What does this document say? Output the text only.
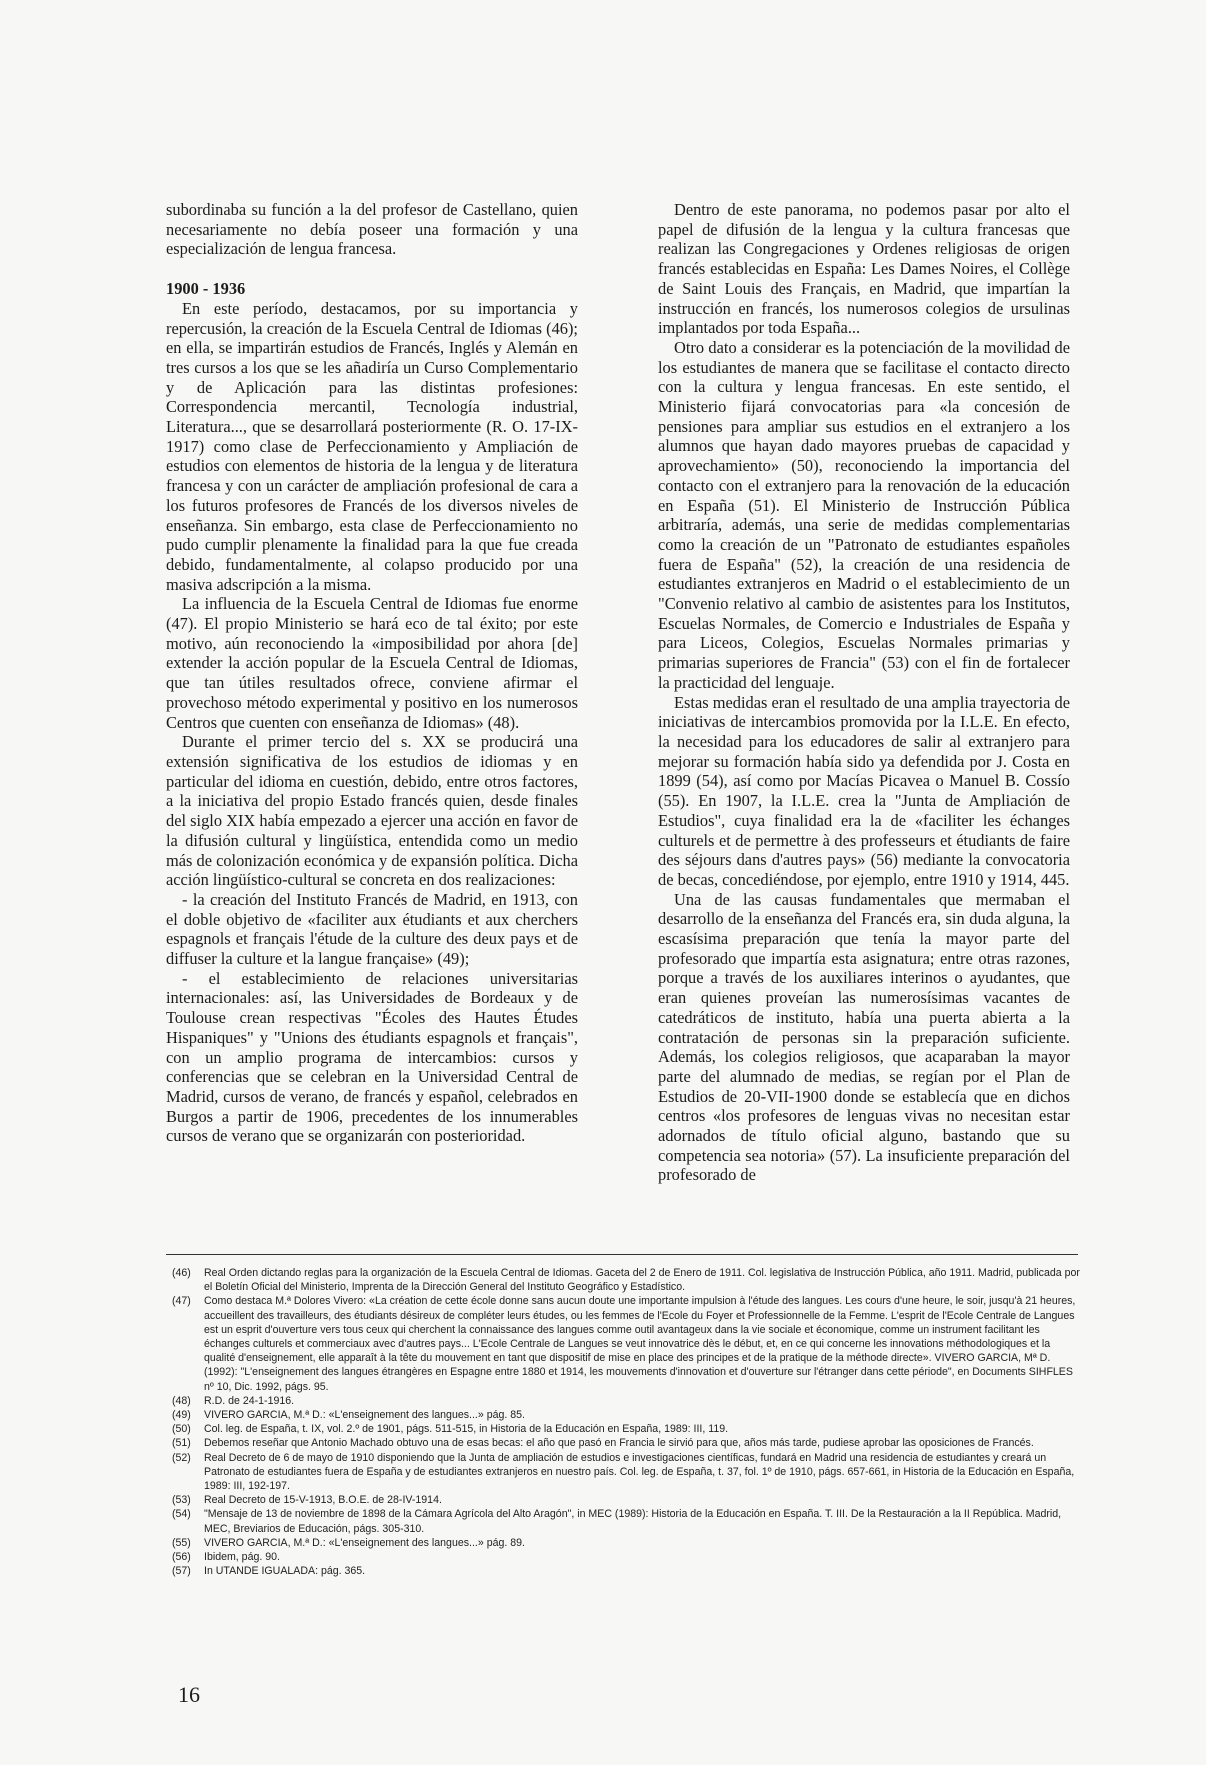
subordinaba su función a la del profesor de Castellano, quien necesariamente no debía poseer una formación y una especialización de lengua francesa.

1900 - 1936

En este período, destacamos, por su importancia y repercusión, la creación de la Escuela Central de Idiomas (46); en ella, se impartirán estudios de Francés, Inglés y Alemán en tres cursos a los que se les añadiría un Curso Complementario y de Aplicación para las distintas profesiones: Correspondencia mercantil, Tecnología industrial, Literatura..., que se desarrollará posteriormente (R. O. 17-IX-1917) como clase de Perfeccionamiento y Ampliación de estudios con elementos de historia de la lengua y de literatura francesa y con un carácter de ampliación profesional de cara a los futuros profesores de Francés de los diversos niveles de enseñanza. Sin embargo, esta clase de Perfeccionamiento no pudo cumplir plenamente la finalidad para la que fue creada debido, fundamentalmente, al colapso producido por una masiva adscripción a la misma.

La influencia de la Escuela Central de Idiomas fue enorme (47). El propio Ministerio se hará eco de tal éxito; por este motivo, aún reconociendo la «imposibilidad por ahora [de] extender la acción popular de la Escuela Central de Idiomas, que tan útiles resultados ofrece, conviene afirmar el provechoso método experimental y positivo en los numerosos Centros que cuenten con enseñanza de Idiomas» (48).

Durante el primer tercio del s. XX se producirá una extensión significativa de los estudios de idiomas y en particular del idioma en cuestión, debido, entre otros factores, a la iniciativa del propio Estado francés quien, desde finales del siglo XIX había empezado a ejercer una acción en favor de la difusión cultural y lingüística, entendida como un medio más de colonización económica y de expansión política. Dicha acción lingüístico-cultural se concreta en dos realizaciones:

- la creación del Instituto Francés de Madrid, en 1913, con el doble objetivo de «faciliter aux étudiants et aux cherchers espagnols et français l'étude de la culture des deux pays et de diffuser la culture et la langue française» (49);

- el establecimiento de relaciones universitarias internacionales: así, las Universidades de Bordeaux y de Toulouse crean respectivas "Écoles des Hautes Études Hispaniques" y "Unions des étudiants espagnols et français", con un amplio programa de intercambios: cursos y conferencias que se celebran en la Universidad Central de Madrid, cursos de verano, de francés y español, celebrados en Burgos a partir de 1906, precedentes de los innumerables cursos de verano que se organizarán con posterioridad.

Dentro de este panorama, no podemos pasar por alto el papel de difusión de la lengua y la cultura francesas que realizan las Congregaciones y Ordenes religiosas de origen francés establecidas en España: Les Dames Noires, el Collège de Saint Louis des Français, en Madrid, que impartían la instrucción en francés, los numerosos colegios de ursulinas implantados por toda España...

Otro dato a considerar es la potenciación de la movilidad de los estudiantes de manera que se facilitase el contacto directo con la cultura y lengua francesas. En este sentido, el Ministerio fijará convocatorias para «la concesión de pensiones para ampliar sus estudios en el extranjero a los alumnos que hayan dado mayores pruebas de capacidad y aprovechamiento» (50), reconociendo la importancia del contacto con el extranjero para la renovación de la educación en España (51). El Ministerio de Instrucción Pública arbitraría, además, una serie de medidas complementarias como la creación de un "Patronato de estudiantes españoles fuera de España" (52), la creación de una residencia de estudiantes extranjeros en Madrid o el establecimiento de un "Convenio relativo al cambio de asistentes para los Institutos, Escuelas Normales, de Comercio e Industriales de España y para Liceos, Colegios, Escuelas Normales primarias y primarias superiores de Francia" (53) con el fin de fortalecer la practicidad del lenguaje.

Estas medidas eran el resultado de una amplia trayectoria de iniciativas de intercambios promovida por la I.L.E. En efecto, la necesidad para los educadores de salir al extranjero para mejorar su formación había sido ya defendida por J. Costa en 1899 (54), así como por Macías Picavea o Manuel B. Cossío (55). En 1907, la I.L.E. crea la "Junta de Ampliación de Estudios", cuya finalidad era la de «faciliter les échanges culturels et de permettre à des professeurs et étudiants de faire des séjours dans d'autres pays» (56) mediante la convocatoria de becas, concediéndose, por ejemplo, entre 1910 y 1914, 445.

Una de las causas fundamentales que mermaban el desarrollo de la enseñanza del Francés era, sin duda alguna, la escasísima preparación que tenía la mayor parte del profesorado que impartía esta asignatura; entre otras razones, porque a través de los auxiliares interinos o ayudantes, que eran quienes proveían las numerosísimas vacantes de catedráticos de instituto, había una puerta abierta a la contratación de personas sin la preparación suficiente. Además, los colegios religiosos, que acaparaban la mayor parte del alumnado de medias, se regían por el Plan de Estudios de 20-VII-1900 donde se establecía que en dichos centros «los profesores de lenguas vivas no necesitan estar adornados de título oficial alguno, bastando que su competencia sea notoria» (57). La insuficiente preparación del profesorado de

(46)	Real Orden dictando reglas para la organización de la Escuela Central de Idiomas. Gaceta del 2 de Enero de 1911. Col. legislativa de Instrucción Pública, año 1911. Madrid, publicada por el Boletín Oficial del Ministerio, Imprenta de la Dirección General del Instituto Geográfico y Estadístico.
(47)	Como destaca M.ª Dolores Vivero: «La création de cette école donne sans aucun doute une importante impulsion à l'étude des langues. Les cours d'une heure, le soir, jusqu'à 21 heures, accueillent des travailleurs, des étudiants désireux de compléter leurs études, ou les femmes de l'Ecole du Foyer et Professionnelle de la Femme. L'esprit de l'Ecole Centrale de Langues est un esprit d'ouverture vers tous ceux qui cherchent la connaissance des langues comme outil avantageux dans la vie sociale et économique, comme un instrument facilitant les échanges culturels et commerciaux avec d'autres pays... L'Ecole Centrale de Langues se veut innovatrice dès le début, et, en ce qui concerne les innovations méthodologiques et la qualité d'enseignement, elle apparaît à la tête du mouvement en tant que dispositif de mise en place des principes et de la pratique de la méthode directe». VIVERO GARCIA, Mª D. (1992): "L'enseignement des langues étrangères en Espagne entre 1880 et 1914, les mouvements d'innovation et d'ouverture sur l'étranger dans cette période", en Documents SIHFLES nº 10, Dic. 1992, págs. 95.
(48)	R.D. de 24-1-1916.
(49)	VIVERO GARCIA, M.ª D.: «L'enseignement des langues...» pág. 85.
(50)	Col. leg. de España, t. IX, vol. 2.º de 1901, págs. 511-515, in Historia de la Educación en España, 1989: III, 119.
(51)	Debemos reseñar que Antonio Machado obtuvo una de esas becas: el año que pasó en Francia le sirvió para que, años más tarde, pudiese aprobar las oposiciones de Francés.
(52)	Real Decreto de 6 de mayo de 1910 disponiendo que la Junta de ampliación de estudios e investigaciones científicas, fundará en Madrid una residencia de estudiantes y creará un Patronato de estudiantes fuera de España y de estudiantes extranjeros en nuestro país. Col. leg. de España, t. 37, fol. 1º de 1910, págs. 657-661, in Historia de la Educación en España, 1989: III, 192-197.
(53)	Real Decreto de 15-V-1913, B.O.E. de 28-IV-1914.
(54)	"Mensaje de 13 de noviembre de 1898 de la Cámara Agrícola del Alto Aragón", in MEC (1989): Historia de la Educación en España. T. III. De la Restauración a la II República. Madrid, MEC, Breviarios de Educación, págs. 305-310.
(55)	VIVERO GARCIA, M.ª D.: «L'enseignement des langues...» pág. 89.
(56)	Ibidem, pág. 90.
(57)	In UTANDE IGUALADA: pág. 365.
16
